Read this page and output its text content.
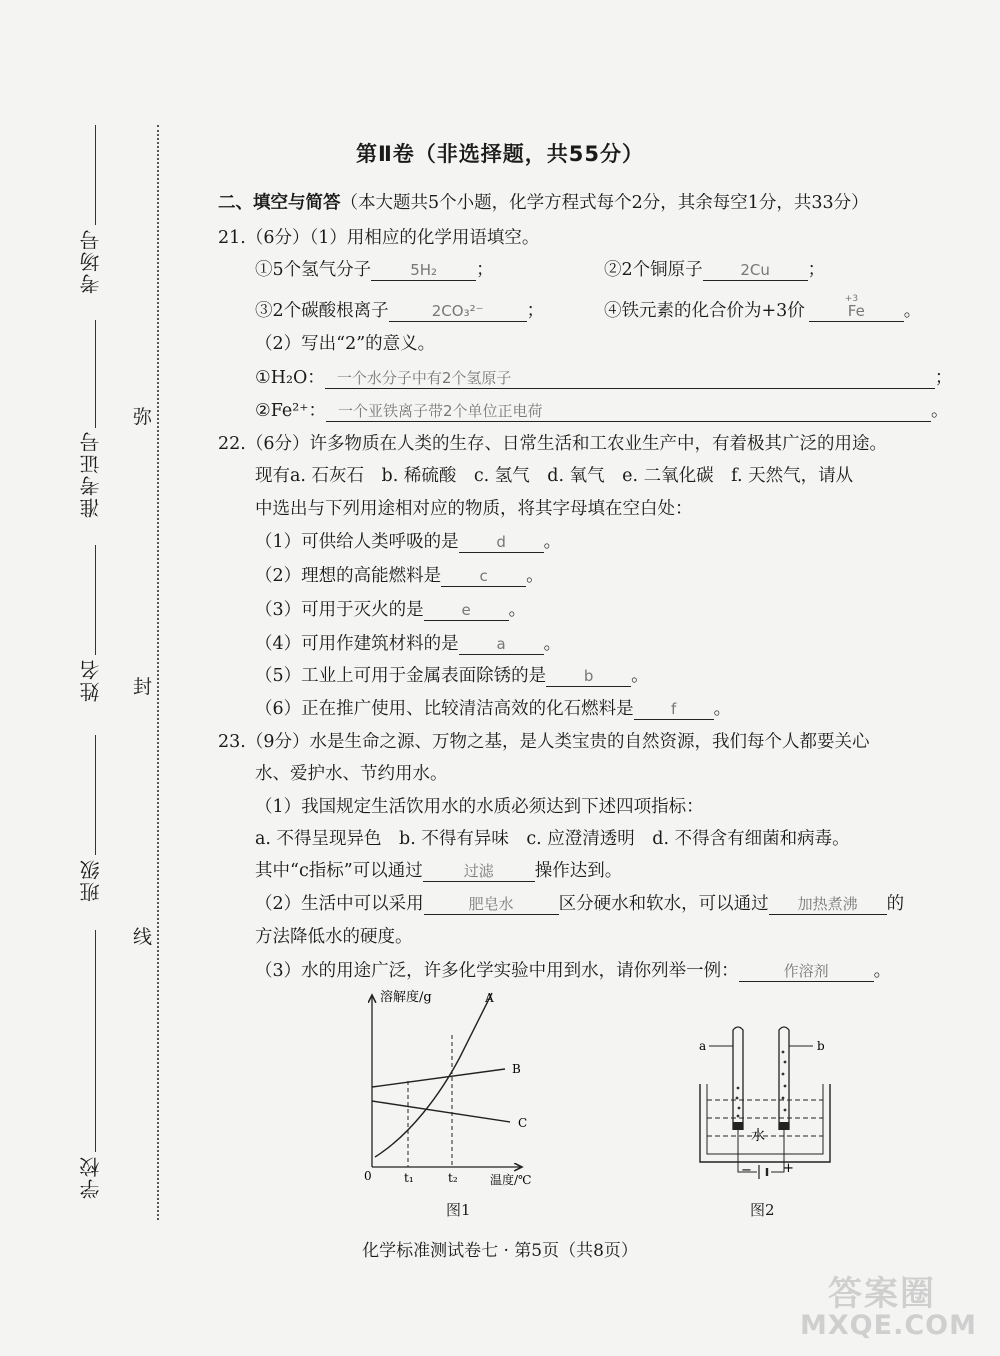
考场号
准考证号
姓名
班级
学校
弥
封
线
第Ⅱ卷（非选择题，共55分）
二、填空与简答（本大题共5个小题，化学方程式每个2分，其余每空1分，共33分）
21.（6分）（1）用相应的化学用语填空。
①5个氢气分子	5H₂ ；	②2个铜原子	2Cu ；
③2个碳酸根离子	2CO₃²⁻ ；	④铁元素的化合价为+3价
+3
Fe 。
（2）写出“2”的意义。
①H₂O： 一个水分子中有2个氢原子	；
②Fe²⁺： 一个亚铁离子带2个单位正电荷	。
22.（6分）许多物质在人类的生存、日常生活和工农业生产中，有着极其广泛的用途。
现有a. 石灰石　b. 稀硫酸　c. 氢气　d. 氧气　e. 二氧化碳　f. 天然气，请从
中选出与下列用途相对应的物质，将其字母填在空白处：
（1）可供给人类呼吸的是	d 。
（2）理想的高能燃料是	c 。
（3）可用于灭火的是	e 。
（4）可用作建筑材料的是	a 。
（5）工业上可用于金属表面除锈的是	b 。
（6）正在推广使用、比较清洁高效的化石燃料是 f 。
23.（9分）水是生命之源、万物之基，是人类宝贵的自然资源，我们每个人都要关心
水、爱护水、节约用水。
（1）我国规定生活饮用水的水质必须达到下述四项指标：
a. 不得呈现异色　b. 不得有异味　c. 应澄清透明　d. 不得含有细菌和病毒。
其中“c指标”可以通过	过滤 操作达到。
（2）生活中可以采用	肥皂水	区分硬水和软水，可以通过 加热煮沸 的
方法降低水的硬度。
（3）水的用途广泛，许多化学实验中用到水，请你列举一例：	作溶剂	。
溶解度/g	A
B
C
0	t₁	t₂	温度/℃
图1
a	b
水
− +
图2
化学标准测试卷七 · 第5页（共8页）
答案圈
MXQE.COM
